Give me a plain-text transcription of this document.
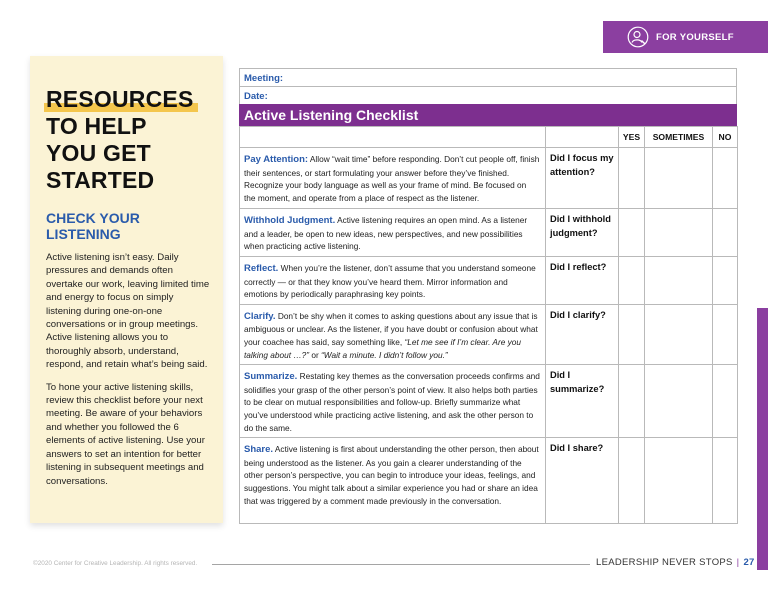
FOR YOURSELF
RESOURCES
TO HELP
YOU GET
STARTED
CHECK YOUR
LISTENING

Active listening isn’t easy. Daily pressures and demands often overtake our work, leaving limited time and energy to focus on simply listening during one-on-one conversations or in group meetings. Active listening allows you to thoroughly absorb, understand, respond, and retain what’s being said.

To hone your active listening skills, review this checklist before your next meeting. Be aware of your behaviors and whether you followed the 6 elements of active listening. Use your answers to set an intention for better listening in subsequent meetings and conversations.

Meeting:
Date:
Active Listening Checklist
		YES	SOMETIMES	NO
Pay Attention: Allow “wait time” before responding. Don’t cut people off, finish their sentences, or start formulating your answer before they’ve finished. Recognize your body language as well as your frame of mind. Be focused on the moment, and operate from a place of respect as the listener.	Did I focus my attention?			
Withhold Judgment. Active listening requires an open mind. As a listener and a leader, be open to new ideas, new perspectives, and new possibilities when practicing active listening.	Did I withhold judgment?			
Reflect. When you’re the listener, don’t assume that you understand someone correctly — or that they know you’ve heard them. Mirror information and emotions by periodically paraphrasing key points.	Did I reflect?			
Clarify. Don’t be shy when it comes to asking questions about any issue that is ambiguous or unclear. As the listener, if you have doubt or confusion about what your coachee has said, say something like, “Let me see if I’m clear. Are you talking about …?” or “Wait a minute. I didn’t follow you.”	Did I clarify?			
Summarize. Restating key themes as the conversation proceeds confirms and solidifies your grasp of the other person’s point of view. It also helps both parties to be clear on mutual responsibilities and follow-up. Briefly summarize what you’ve understood while practicing active listening, and ask the other person to do the same.	Did I summarize?			
Share. Active listening is first about understanding the other person, then about being understood as the listener. As you gain a clearer understanding of the other person’s perspective, you can begin to introduce your ideas, feelings, and suggestions. You might talk about a similar experience you had or share an idea that was triggered by a comment made previously in the conversation.	Did I share?			
©2020 Center for Creative Leadership. All rights reserved.	LEADERSHIP NEVER STOPS | 27
